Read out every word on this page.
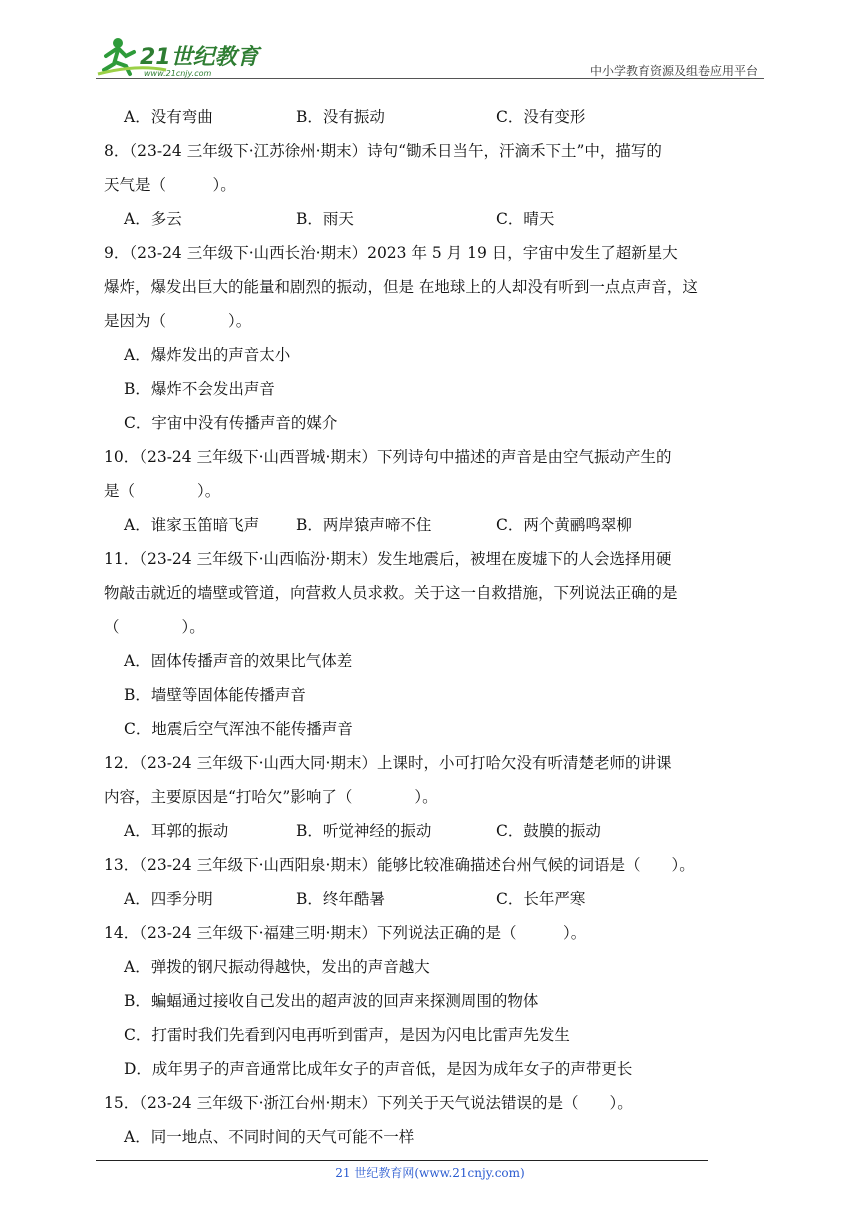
21世纪教育
www.21cnjy.com	中小学教育资源及组卷应用平台
A．没有弯曲	B．没有振动	C．没有变形
8．（23-24 三年级下·江苏徐州·期末）诗句“锄禾日当午，汗滴禾下土”中，描写的
天气是（　　　）。
A．多云	B．雨天	C．晴天
9．（23-24 三年级下·山西长治·期末）2023 年 5 月 19 日，宇宙中发生了超新星大
爆炸，爆发出巨大的能量和剧烈的振动，但是 在地球上的人却没有听到一点点声音，这
是因为（　　　　）。
A．爆炸发出的声音太小
B．爆炸不会发出声音
C．宇宙中没有传播声音的媒介
10．（23-24 三年级下·山西晋城·期末）下列诗句中描述的声音是由空气振动产生的
是（　　　　）。
A．谁家玉笛暗飞声 B．两岸猿声啼不住	C．两个黄鹂鸣翠柳
11．（23-24 三年级下·山西临汾·期末）发生地震后，被埋在废墟下的人会选择用硬
物敲击就近的墙壁或管道，向营救人员求救。关于这一自救措施，下列说法正确的是
（　　　　）。
A．固体传播声音的效果比气体差
B．墙壁等固体能传播声音
C．地震后空气浑浊不能传播声音
12．（23-24 三年级下·山西大同·期末）上课时，小可打哈欠没有听清楚老师的讲课
内容，主要原因是“打哈欠”影响了（　　　　）。
A．耳郭的振动	B．听觉神经的振动	C．鼓膜的振动
13．（23-24 三年级下·山西阳泉·期末）能够比较准确描述台州气候的词语是（　　）。
A．四季分明	B．终年酷暑	C．长年严寒
14．（23-24 三年级下·福建三明·期末）下列说法正确的是（　　　）。
A．弹拨的钢尺振动得越快，发出的声音越大
B．蝙蝠通过接收自己发出的超声波的回声来探测周围的物体
C．打雷时我们先看到闪电再听到雷声，是因为闪电比雷声先发生
D．成年男子的声音通常比成年女子的声音低，是因为成年女子的声带更长
15．（23-24 三年级下·浙江台州·期末）下列关于天气说法错误的是（　　）。
A．同一地点、不同时间的天气可能不一样
21 世纪教育网(www.21cnjy.com)
